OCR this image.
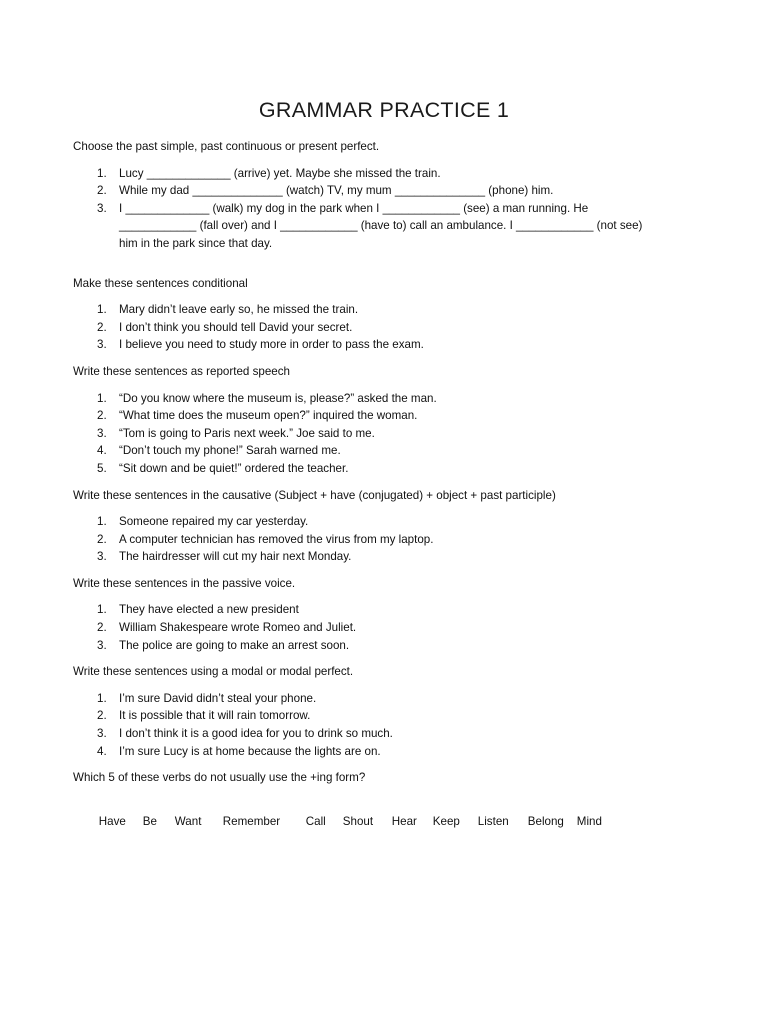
GRAMMAR PRACTICE 1

Choose the past simple, past continuous or present perfect.

1. Lucy _____________ (arrive) yet. Maybe she missed the train.
2. While my dad ______________ (watch) TV, my mum ______________ (phone) him.
3. I _____________ (walk) my dog in the park when I ____________ (see) a man running. He ____________ (fall over) and I ____________ (have to) call an ambulance. I ____________ (not see) him in the park since that day.

Make these sentences conditional

1. Mary didn’t leave early so, he missed the train.
2. I don’t think you should tell David your secret.
3. I believe you need to study more in order to pass the exam.

Write these sentences as reported speech

1. “Do you know where the museum is, please?” asked the man.
2. “What time does the museum open?” inquired the woman.
3. “Tom is going to Paris next week.” Joe said to me.
4. “Don’t touch my phone!” Sarah warned me.
5. “Sit down and be quiet!” ordered the teacher.

Write these sentences in the causative (Subject + have (conjugated) + object + past participle)

1. Someone repaired my car yesterday.
2. A computer technician has removed the virus from my laptop.
3. The hairdresser will cut my hair next Monday.

Write these sentences in the passive voice.

1. They have elected a new president
2. William Shakespeare wrote Romeo and Juliet.
3. The police are going to make an arrest soon.

Write these sentences using a modal or modal perfect.

1. I’m sure David didn’t steal your phone.
2. It is possible that it will rain tomorrow.
3. I don’t think it is a good idea for you to drink so much.
4. I’m sure Lucy is at home because the lights are on.

Which 5 of these verbs do not usually use the +ing form?

Have Be Want Remember Call Shout Hear Keep Listen Belong Mind
